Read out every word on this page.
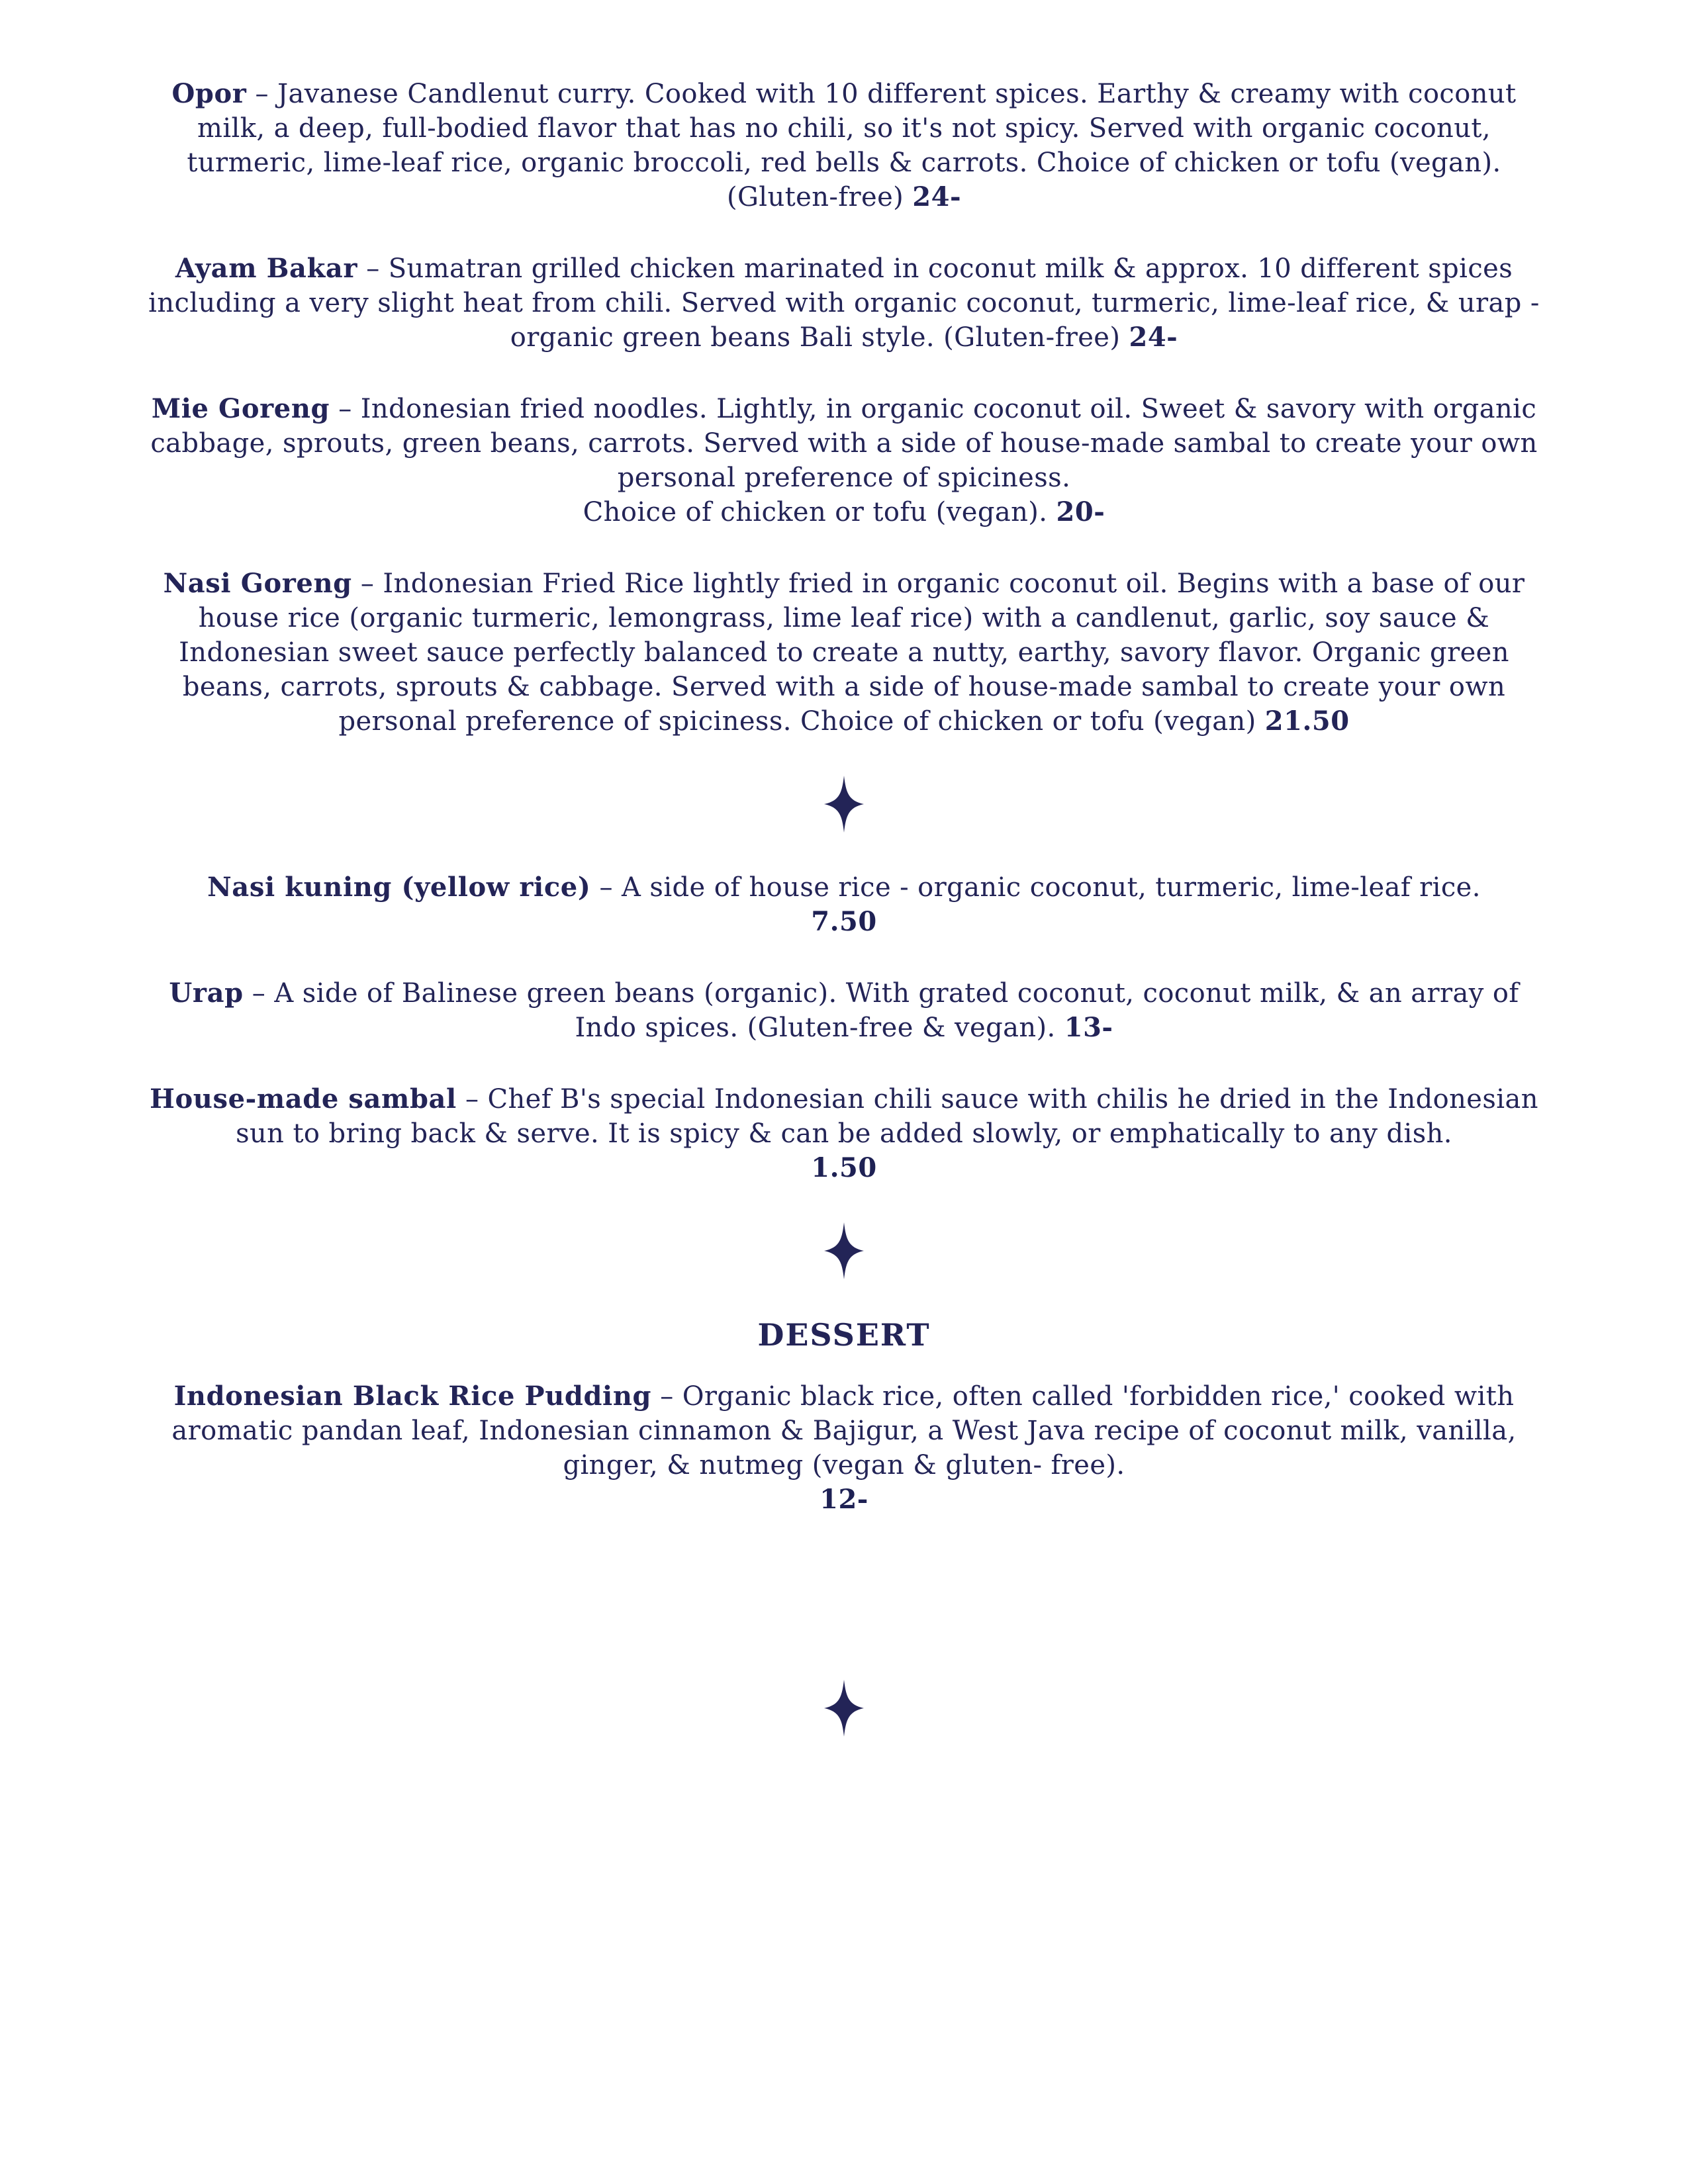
Opor – Javanese Candlenut curry. Cooked with 10 different spices. Earthy & creamy with coconut milk, a deep, full-bodied flavor that has no chili, so it's not spicy. Served with organic coconut, turmeric, lime-leaf rice, organic broccoli, red bells & carrots. Choice of chicken or tofu (vegan). (Gluten-free) 24-
Ayam Bakar – Sumatran grilled chicken marinated in coconut milk & approx. 10 different spices including a very slight heat from chili. Served with organic coconut, turmeric, lime-leaf rice, & urap - organic green beans Bali style. (Gluten-free) 24-
Mie Goreng – Indonesian fried noodles. Lightly, in organic coconut oil. Sweet & savory with organic cabbage, sprouts, green beans, carrots. Served with a side of house-made sambal to create your own personal preference of spiciness.
Choice of chicken or tofu (vegan). 20-
Nasi Goreng – Indonesian Fried Rice lightly fried in organic coconut oil. Begins with a base of our house rice (organic turmeric, lemongrass, lime leaf rice) with a candlenut, garlic, soy sauce & Indonesian sweet sauce perfectly balanced to create a nutty, earthy, savory flavor. Organic green beans, carrots, sprouts & cabbage. Served with a side of house-made sambal to create your own personal preference of spiciness. Choice of chicken or tofu (vegan) 21.50
Nasi kuning (yellow rice) – A side of house rice - organic coconut, turmeric, lime-leaf rice.
7.50
Urap – A side of Balinese green beans (organic). With grated coconut, coconut milk, & an array of Indo spices. (Gluten-free & vegan). 13-
House-made sambal – Chef B's special Indonesian chili sauce with chilis he dried in the Indonesian sun to bring back & serve. It is spicy & can be added slowly, or emphatically to any dish.
1.50
DESSERT
Indonesian Black Rice Pudding – Organic black rice, often called 'forbidden rice,' cooked with aromatic pandan leaf, Indonesian cinnamon & Bajigur, a West Java recipe of coconut milk, vanilla, ginger, & nutmeg (vegan & gluten- free).
12-
